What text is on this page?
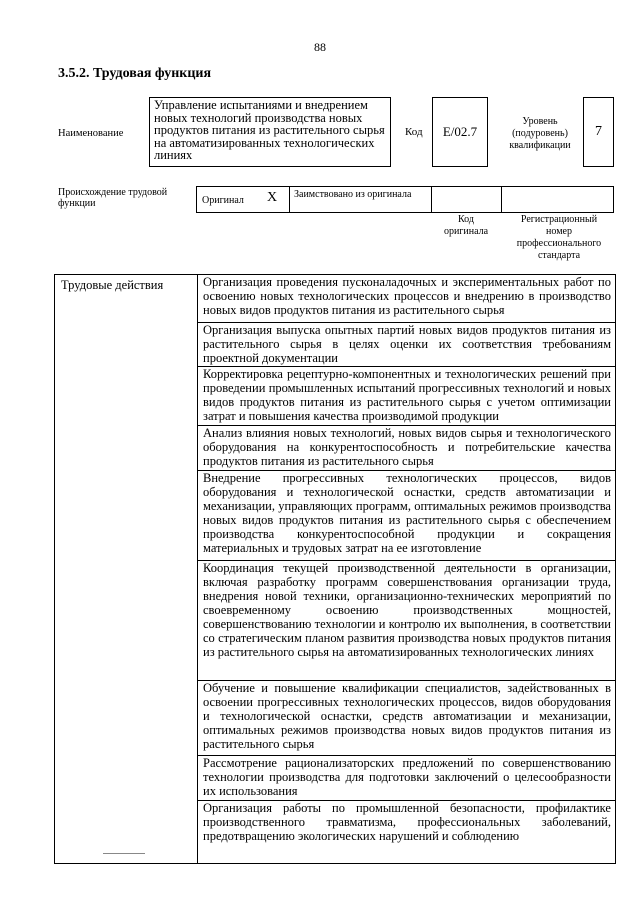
88
3.5.2. Трудовая функция
Наименование
Управление испытаниями и внедрением новых технологий производства новых продуктов питания из растительного сырья на автоматизированных технологических линиях
Код E/02.7
Уровень (подуровень) квалификации
7
Происхождение трудовой функции	Оригинал X Заимствовано из оригинала
Код оригинала
Регистрационный номер профессионального стандарта
Трудовые действия	Организация проведения пусконаладочных и экспериментальных работ по освоению новых технологических процессов и внедрению в производство новых видов продуктов питания из растительного сырья
Организация выпуска опытных партий новых видов продуктов питания из растительного сырья в целях оценки их соответствия требованиям проектной документации
Корректировка рецептурно-компонентных и технологических решений при проведении промышленных испытаний прогрессивных технологий и новых видов продуктов питания из растительного сырья с учетом оптимизации затрат и повышения качества производимой продукции
Анализ влияния новых технологий, новых видов сырья и технологического оборудования на конкурентоспособность и потребительские качества продуктов питания из растительного сырья
Внедрение прогрессивных технологических процессов, видов оборудования и технологической оснастки, средств автоматизации и механизации, управляющих программ, оптимальных режимов производства новых видов продуктов питания из растительного сырья с обеспечением производства конкурентоспособной продукции и сокращения материальных и трудовых затрат на ее изготовление
Координация текущей производственной деятельности в организации, включая разработку программ совершенствования организации труда, внедрения новой техники, организационно-технических мероприятий по своевременному освоению производственных мощностей, совершенствованию технологии и контролю их выполнения, в соответствии со стратегическим планом развития производства новых продуктов питания из растительного сырья на автоматизированных технологических линиях
Обучение и повышение квалификации специалистов, задействованных в освоении прогрессивных технологических процессов, видов оборудования и технологической оснастки, средств автоматизации и механизации, оптимальных режимов производства новых видов продуктов питания из растительного сырья
Рассмотрение рационализаторских предложений по совершенствованию технологии производства для подготовки заключений о целесообразности их использования
Организация работы по промышленной безопасности, профилактике производственного травматизма, профессиональных заболеваний, предотвращению экологических нарушений и соблюдению
